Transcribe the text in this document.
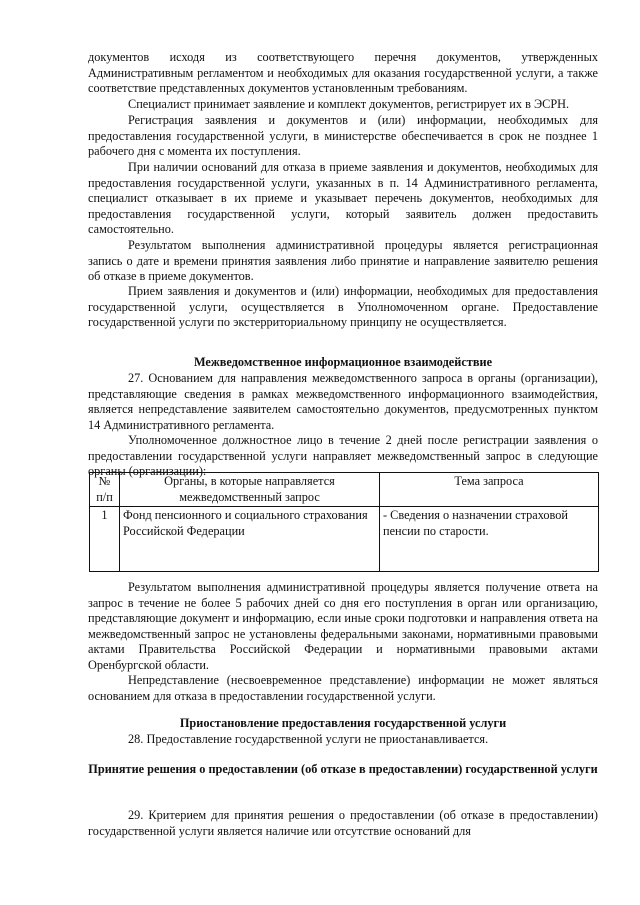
документов исходя из соответствующего перечня документов, утвержденных Административным регламентом и необходимых для оказания государственной услуги, а также соответствие представленных документов установленным требованиям.

Специалист принимает заявление и комплект документов, регистрирует их в ЭСРН.

Регистрация заявления и документов и (или) информации, необходимых для предоставления государственной услуги, в министерстве обеспечивается в срок не позднее 1 рабочего дня с момента их поступления.

При наличии оснований для отказа в приеме заявления и документов, необходимых для предоставления государственной услуги, указанных в п. 14 Административного регламента, специалист отказывает в их приеме и указывает перечень документов, необходимых для предоставления государственной услуги, который заявитель должен предоставить самостоятельно.

Результатом выполнения административной процедуры является регистрационная запись о дате и времени принятия заявления либо принятие и направление заявителю решения об отказе в приеме документов.

Прием заявления и документов и (или) информации, необходимых для предоставления государственной услуги, осуществляется в Уполномоченном органе. Предоставление государственной услуги по экстерриториальному принципу не осуществляется.

Межведомственное информационное взаимодействие

27. Основанием для направления межведомственного запроса в органы (организации), представляющие сведения в рамках межведомственного информационного взаимодействия, является непредставление заявителем самостоятельно документов, предусмотренных пунктом 14 Административного регламента.

Уполномоченное должностное лицо в течение 2 дней после регистрации заявления о предоставлении государственной услуги направляет межведомственный запрос в следующие органы (организации):

№ п/п	Органы, в которые направляется межведомственный запрос	Тема запроса
1	Фонд пенсионного и социального страхования Российской Федерации	- Сведения о назначении страховой пенсии по старости.

Результатом выполнения административной процедуры является получение ответа на запрос в течение не более 5 рабочих дней со дня его поступления в орган или организацию, представляющие документ и информацию, если иные сроки подготовки и направления ответа на межведомственный запрос не установлены федеральными законами, нормативными правовыми актами Правительства Российской Федерации и нормативными правовыми актами Оренбургской области.

Непредставление (несвоевременное представление) информации не может являться основанием для отказа в предоставлении государственной услуги.

Приостановление предоставления государственной услуги

28. Предоставление государственной услуги не приостанавливается.

Принятие решения о предоставлении (об отказе в предоставлении) государственной услуги

29. Критерием для принятия решения о предоставлении (об отказе в предоставлении) государственной услуги является наличие или отсутствие оснований для
